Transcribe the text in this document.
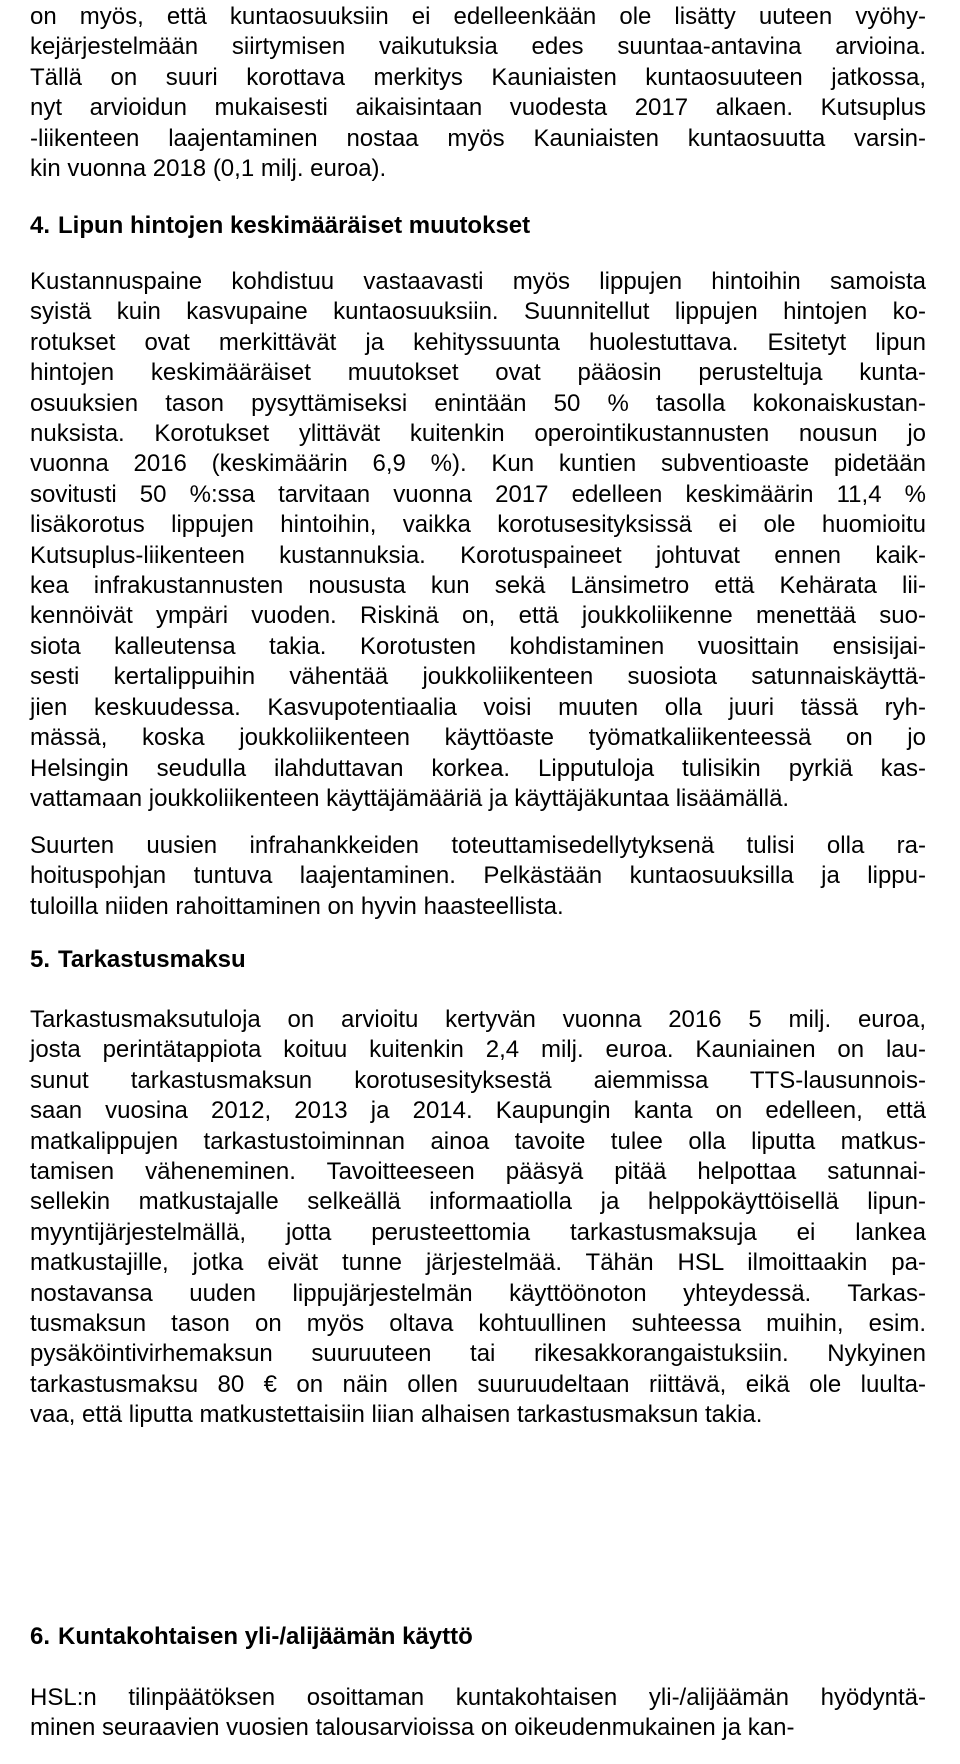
on myös, että kuntaosuuksiin ei edelleenkään ole lisätty uuteen vyöhy-
kejärjestelmään siirtymisen vaikutuksia edes suuntaa-antavina arvioina.
Tällä on suuri korottava merkitys Kauniaisten kuntaosuuteen jatkossa,
nyt arvioidun mukaisesti aikaisintaan vuodesta 2017 alkaen. Kutsuplus
-liikenteen laajentaminen nostaa myös Kauniaisten kuntaosuutta varsin-
kin vuonna 2018 (0,1 milj. euroa).
4. Lipun hintojen keskimääräiset muutokset
Kustannuspaine kohdistuu vastaavasti myös lippujen hintoihin samoista
syistä kuin kasvupaine kuntaosuuksiin. Suunnitellut lippujen hintojen ko-
rotukset ovat merkittävät ja kehityssuunta huolestuttava. Esitetyt lipun
hintojen keskimääräiset muutokset ovat pääosin perusteltuja kunta-
osuuksien tason pysyttämiseksi enintään 50 % tasolla kokonaiskustan-
nuksista. Korotukset ylittävät kuitenkin operointikustannusten nousun jo
vuonna 2016 (keskimäärin 6,9 %). Kun kuntien subventioaste pidetään
sovitusti 50 %:ssa tarvitaan vuonna 2017 edelleen keskimäärin 11,4 %
lisäkorotus lippujen hintoihin, vaikka korotusesityksissä ei ole huomioitu
Kutsuplus-liikenteen kustannuksia. Korotuspaineet johtuvat ennen kaik-
kea infrakustannusten noususta kun sekä Länsimetro että Kehärata lii-
kennöivät ympäri vuoden. Riskinä on, että joukkoliikenne menettää suo-
siota kalleutensa takia. Korotusten kohdistaminen vuosittain ensisijai-
sesti kertalippuihin vähentää joukkoliikenteen suosiota satunnaiskäyttä-
jien keskuudessa. Kasvupotentiaalia voisi muuten olla juuri tässä ryh-
mässä, koska joukkoliikenteen käyttöaste työmatkaliikenteessä on jo
Helsingin seudulla ilahduttavan korkea. Lipputuloja tulisikin pyrkiä kas-
vattamaan joukkoliikenteen käyttäjämääriä ja käyttäjäkuntaa lisäämällä.
Suurten uusien infrahankkeiden toteuttamisedellytyksenä tulisi olla ra-
hoituspohjan tuntuva laajentaminen. Pelkästään kuntaosuuksilla ja lippu-
tuloilla niiden rahoittaminen on hyvin haasteellista.
5. Tarkastusmaksu
Tarkastusmaksutuloja on arvioitu kertyvän vuonna 2016 5 milj. euroa,
josta perintätappiota koituu kuitenkin 2,4 milj. euroa. Kauniainen on lau-
sunut tarkastusmaksun korotusesityksestä aiemmissa TTS-lausunnois-
saan vuosina 2012, 2013 ja 2014. Kaupungin kanta on edelleen, että
matkalippujen tarkastustoiminnan ainoa tavoite tulee olla liputta matkus-
tamisen väheneminen. Tavoitteeseen pääsyä pitää helpottaa satunnai-
sellekin matkustajalle selkeällä informaatiolla ja helppokäyttöisellä lipun-
myyntijärjestelmällä, jotta perusteettomia tarkastusmaksuja ei lankea
matkustajille, jotka eivät tunne järjestelmää. Tähän HSL ilmoittaakin pa-
nostavansa uuden lippujärjestelmän käyttöönoton yhteydessä. Tarkas-
tusmaksun tason on myös oltava kohtuullinen suhteessa muihin, esim.
pysäköintivirhemaksun suuruuteen tai rikesakkorangaistuksiin. Nykyinen
tarkastusmaksu 80 € on näin ollen suuruudeltaan riittävä, eikä ole luulta-
vaa, että liputta matkustettaisiin liian alhaisen tarkastusmaksun takia.
6. Kuntakohtaisen yli-/alijäämän käyttö
HSL:n tilinpäätöksen osoittaman kuntakohtaisen yli-/alijäämän hyödyntä-
minen seuraavien vuosien talousarvioissa on oikeudenmukainen ja kan-
